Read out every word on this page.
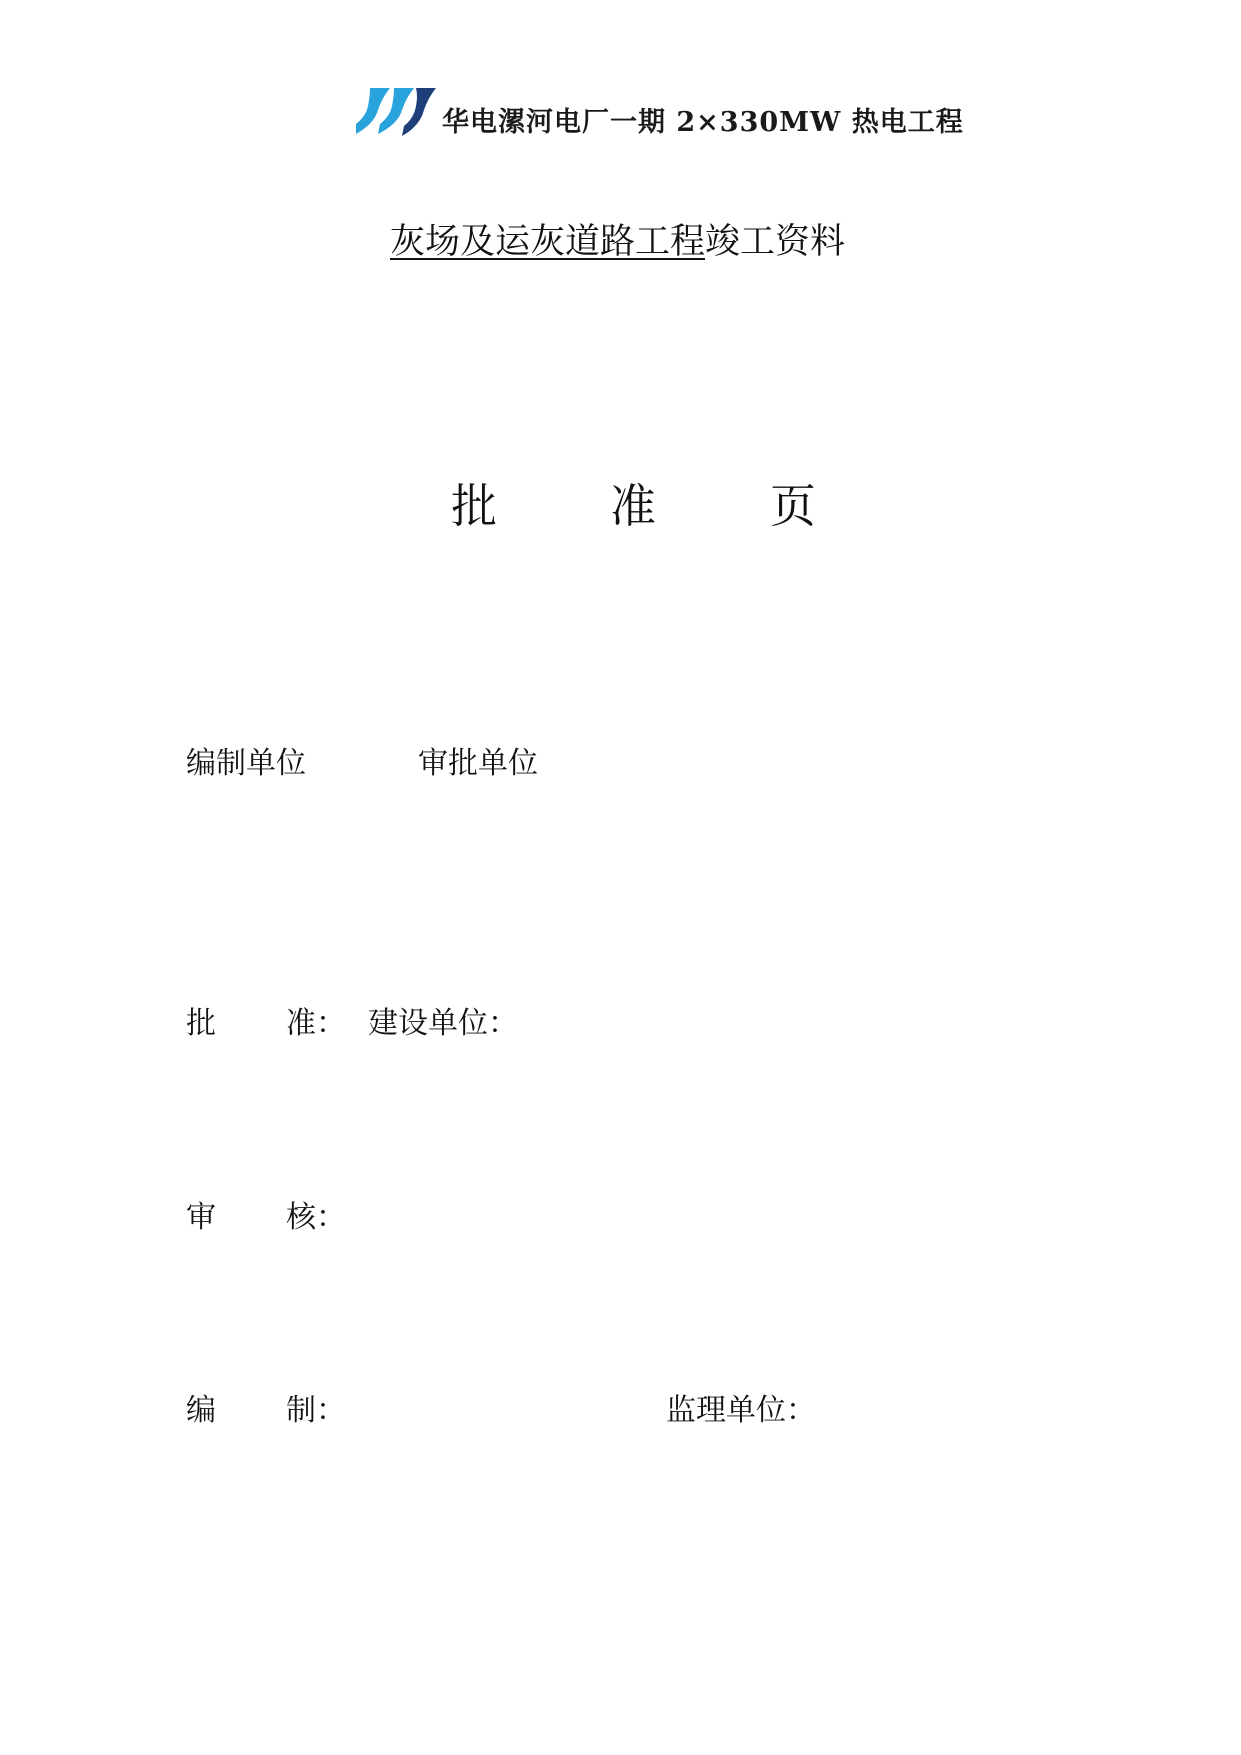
华电漯河电厂一期 2×330MW 热电工程
灰场及运灰道路工程竣工资料
批 准 页
编制单位	审批单位
批 准： 建设单位：
审 核：
编 制：	监理单位：
